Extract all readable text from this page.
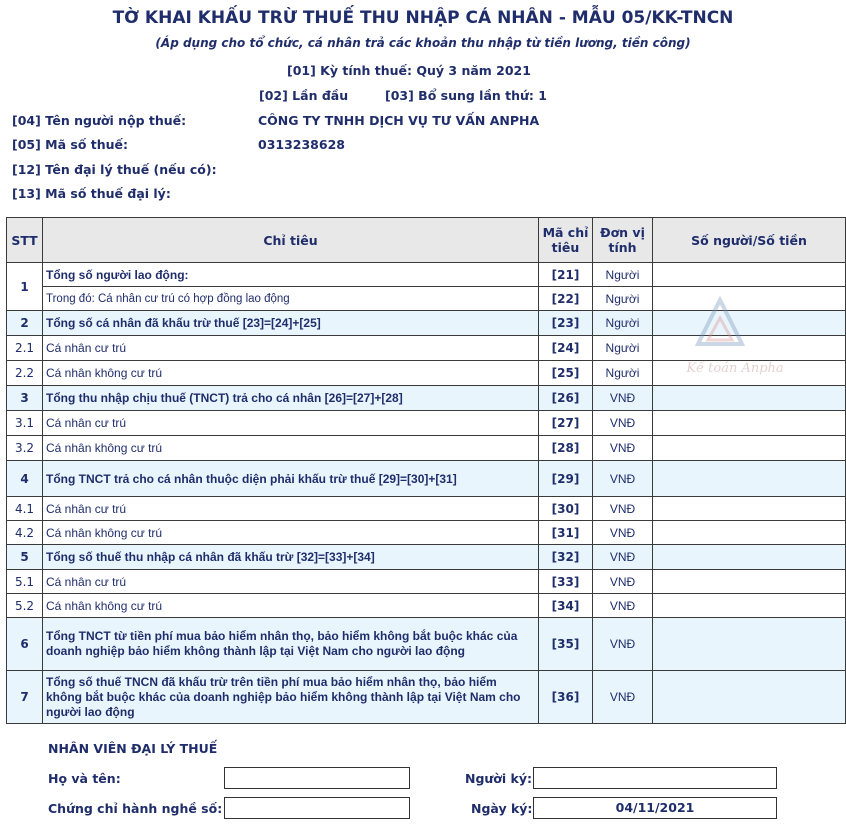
TỜ KHAI KHẤU TRỪ THUẾ THU NHẬP CÁ NHÂN - MẪU 05/KK-TNCN
(Áp dụng cho tổ chức, cá nhân trả các khoản thu nhập từ tiền lương, tiền công)
[01] Kỳ tính thuế: Quý 3 năm 2021
[02] Lần đầu	[03] Bổ sung lần thứ: 1
[04] Tên người nộp thuế:	CÔNG TY TNHH DỊCH VỤ TƯ VẤN ANPHA
[05] Mã số thuế:	0313238628
[12] Tên đại lý thuế (nếu có):
[13] Mã số thuế đại lý:
STT	Chỉ tiêu	Mã chỉ tiêu	Đơn vị tính	Số người/Số tiền
1	Tổng số người lao động:	[21]	Người	
	Trong đó: Cá nhân cư trú có hợp đồng lao động	[22]	Người	
2	Tổng số cá nhân đã khấu trừ thuế [23]=[24]+[25]	[23]	Người	
2.1	Cá nhân cư trú	[24]	Người	
2.2	Cá nhân không cư trú	[25]	Người	
3	Tổng thu nhập chịu thuế (TNCT) trả cho cá nhân [26]=[27]+[28]	[26]	VNĐ	
3.1	Cá nhân cư trú	[27]	VNĐ	
3.2	Cá nhân không cư trú	[28]	VNĐ	
4	Tổng TNCT trả cho cá nhân thuộc diện phải khấu trừ thuế [29]=[30]+[31]	[29]	VNĐ	
4.1	Cá nhân cư trú	[30]	VNĐ	
4.2	Cá nhân không cư trú	[31]	VNĐ	
5	Tổng số thuế thu nhập cá nhân đã khấu trừ [32]=[33]+[34]	[32]	VNĐ	
5.1	Cá nhân cư trú	[33]	VNĐ	
5.2	Cá nhân không cư trú	[34]	VNĐ	
6	Tổng TNCT từ tiền phí mua bảo hiểm nhân thọ, bảo hiểm không bắt buộc khác của doanh nghiệp bảo hiểm không thành lập tại Việt Nam cho người lao động	[35]	VNĐ	
7	Tổng số thuế TNCN đã khấu trừ trên tiền phí mua bảo hiểm nhân thọ, bảo hiểm không bắt buộc khác của doanh nghiệp bảo hiểm không thành lập tại Việt Nam cho người lao động	[36]	VNĐ	
Kế toán Anpha
NHÂN VIÊN ĐẠI LÝ THUẾ
Họ và tên:	Người ký:
Chứng chỉ hành nghề số:	Ngày ký:	04/11/2021
